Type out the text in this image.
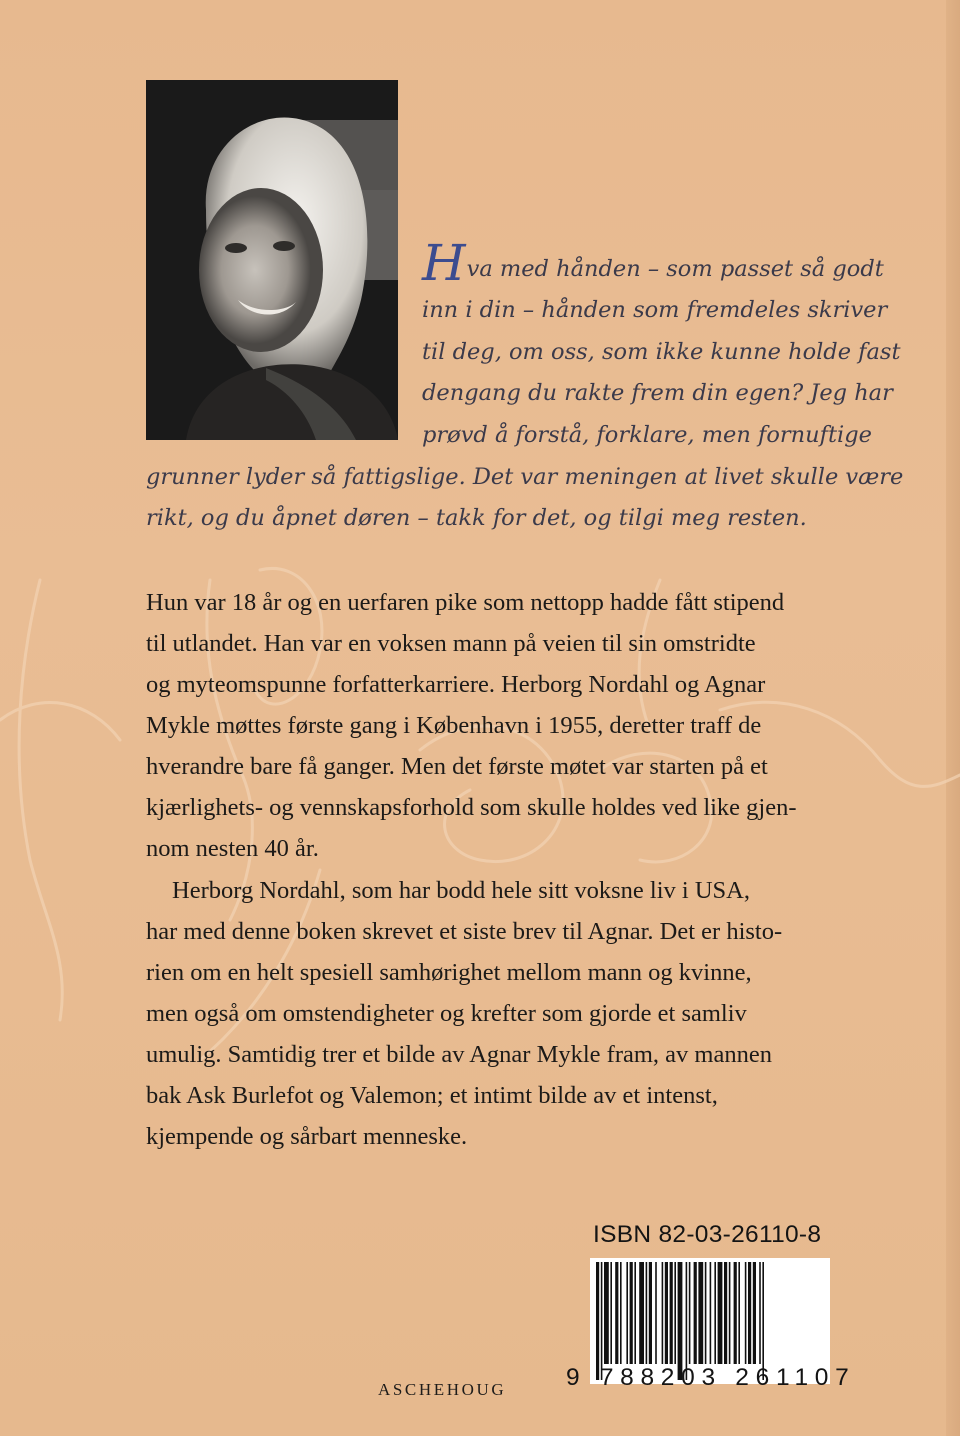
Hva med hånden – som passet så godt
inn i din – hånden som fremdeles skriver
til deg, om oss, som ikke kunne holde fast
dengang du rakte frem din egen? Jeg har
prøvd å forstå, forklare, men fornuftige
grunner lyder så fattigslige. Det var meningen at livet skulle være
rikt, og du åpnet døren – takk for det, og tilgi meg resten.
Hun var 18 år og en uerfaren pike som nettopp hadde fått stipend
til utlandet. Han var en voksen mann på veien til sin omstridte
og myteomspunne forfatterkarriere. Herborg Nordahl og Agnar
Mykle møttes første gang i København i 1955, deretter traff de
hverandre bare få ganger. Men det første møtet var starten på et
kjærlighets- og vennskapsforhold som skulle holdes ved like gjen-
nom nesten 40 år.
Herborg Nordahl, som har bodd hele sitt voksne liv i USA,
har med denne boken skrevet et siste brev til Agnar. Det er histo-
rien om en helt spesiell samhørighet mellom mann og kvinne,
men også om omstendigheter og krefter som gjorde et samliv
umulig. Samtidig trer et bilde av Agnar Mykle fram, av mannen
bak Ask Burlefot og Valemon; et intimt bilde av et intenst,
kjempende og sårbart menneske.
ISBN 82-03-26110-8
9 788203 261107
ASCHEHOUG
